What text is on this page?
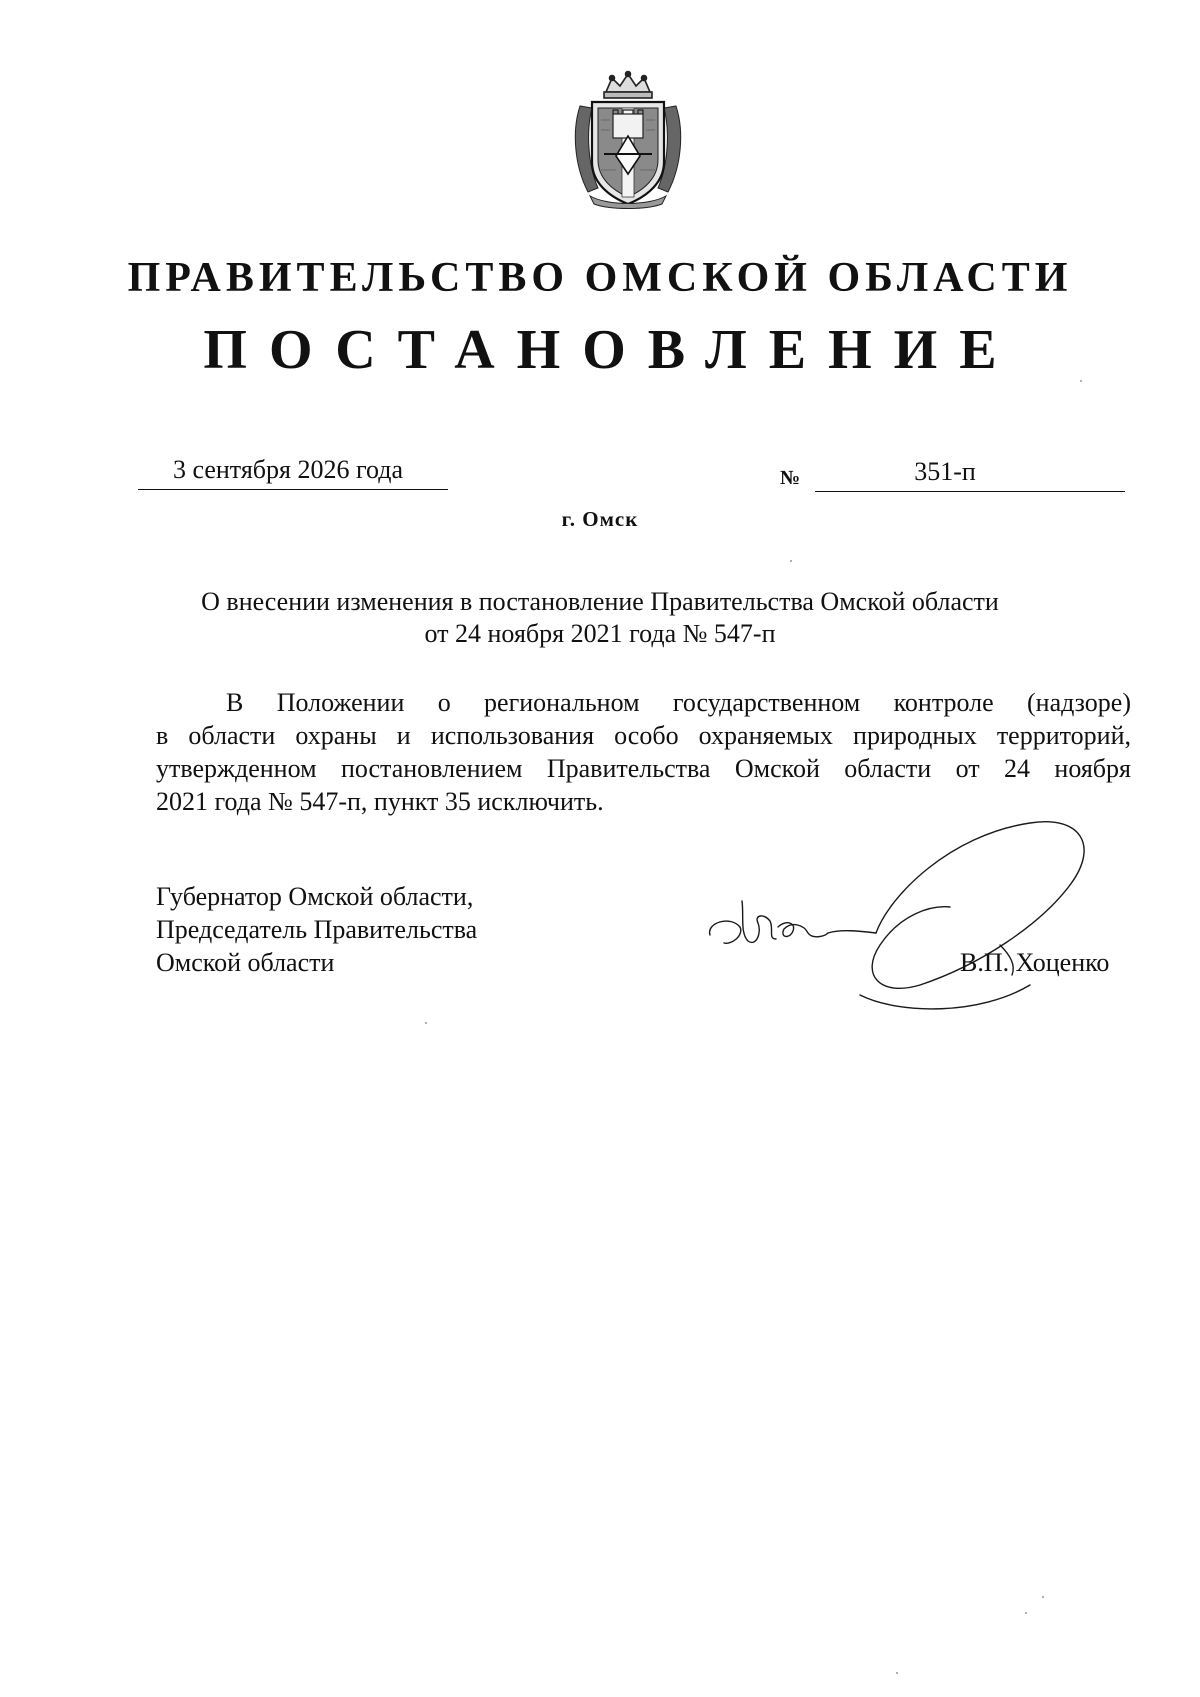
ПРАВИТЕЛЬСТВО ОМСКОЙ ОБЛАСТИ
ПОСТАНОВЛЕНИЕ
3 сентября 2026 года	№	351-п
г. Омск
О внесении изменения в постановление Правительства Омской области
от 24 ноября 2021 года № 547-п
В Положении о региональном государственном контроле (надзоре)
в области охраны и использования особо охраняемых природных территорий,
утвержденном постановлением Правительства Омской области от 24 ноября
2021 года № 547-п, пункт 35 исключить.
Губернатор Омской области,
Председатель Правительства
Омской области	В.П. Хоценко
